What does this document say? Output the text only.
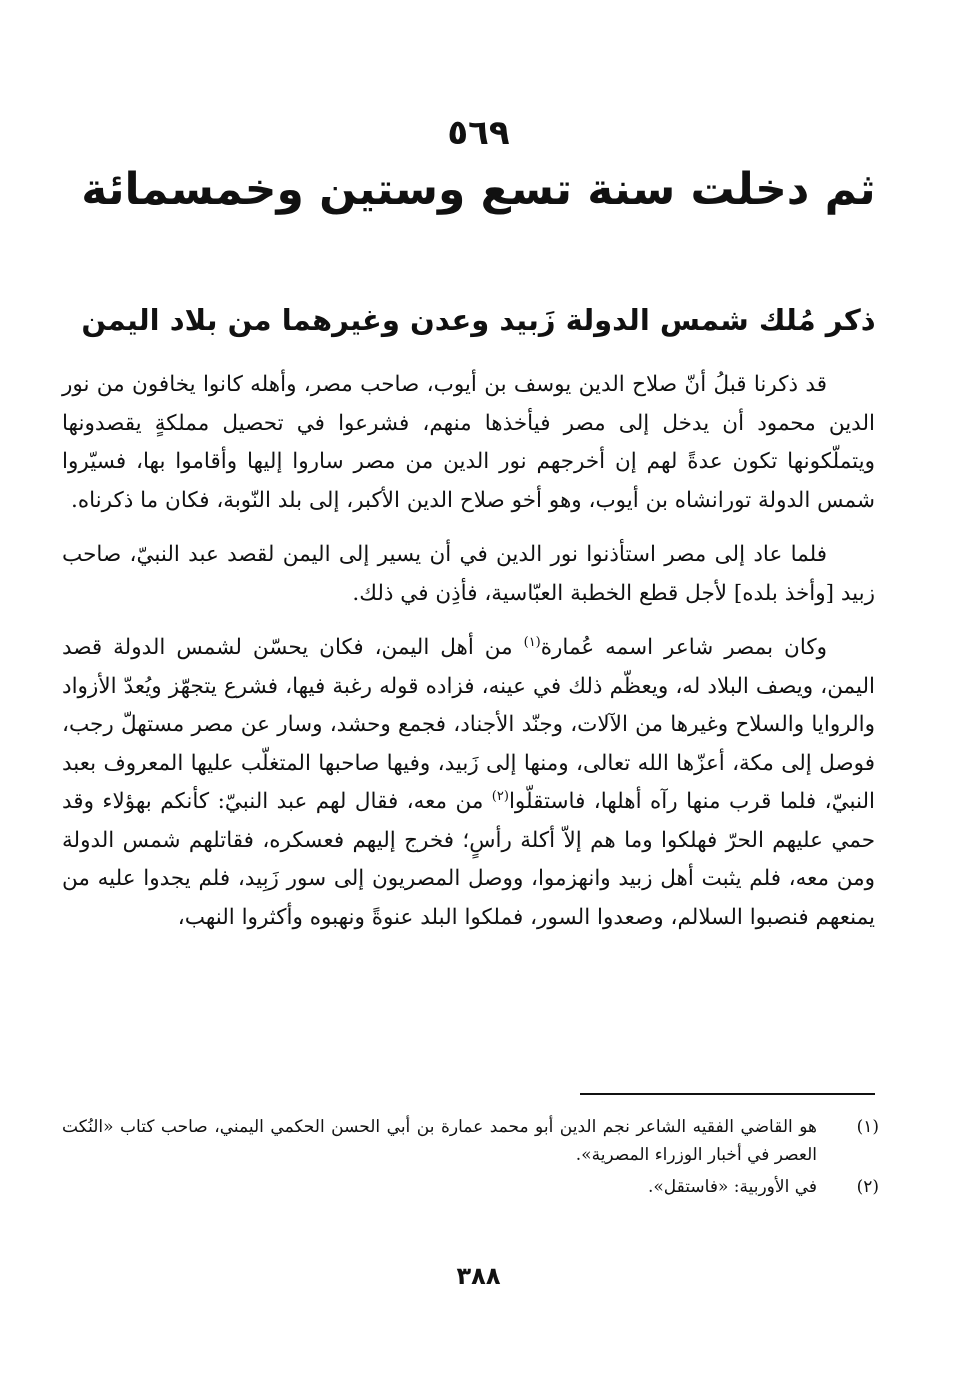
٥٦٩
ثم دخلت سنة تسع وستين وخمسمائة
ذكر مُلك شمس الدولة زَبيد وعدن وغيرهما من بلاد اليمن

قد ذكرنا قبلُ أنّ صلاح الدين يوسف بن أيوب، صاحب مصر، وأهله كانوا يخافون من نور الدين محمود أن يدخل إلى مصر فيأخذها منهم، فشرعوا في تحصيل مملكةٍ يقصدونها ويتملّكونها تكون عدةً لهم إن أخرجهم نور الدين من مصر ساروا إليها وأقاموا بها، فسيّروا شمس الدولة تورانشاه بن أيوب، وهو أخو صلاح الدين الأكبر، إلى بلد النّوبة، فكان ما ذكرناه.

فلما عاد إلى مصر استأذنوا نور الدين في أن يسير إلى اليمن لقصد عبد النبيّ، صاحب زبيد [وأخذ بلده] لأجل قطع الخطبة العبّاسية، فأذِن في ذلك.

وكان بمصر شاعر اسمه عُمارة$^{(١)}$ من أهل اليمن، فكان يحسّن لشمس الدولة قصد اليمن، ويصف البلاد له، ويعظّم ذلك في عينه، فزاده قوله رغبة فيها، فشرع يتجهّز ويُعدّ الأزواد والروايا والسلاح وغيرها من الآلات، وجنّد الأجناد، فجمع وحشد، وسار عن مصر مستهلّ رجب، فوصل إلى مكة، أعزّها الله تعالى، ومنها إلى زَبيد، وفيها صاحبها المتغلّب عليها المعروف بعبد النبيّ، فلما قرب منها رآه أهلها، فاستقلّوا$^{(٢)}$ من معه، فقال لهم عبد النبيّ: كأنكم بهؤلاء وقد حمي عليهم الحرّ فهلكوا وما هم إلاّ أكلة رأسٍ؛ فخرج إليهم فعسكره، فقاتلهم شمس الدولة ومن معه، فلم يثبت أهل زبيد وانهزموا، ووصل المصريون إلى سور زَبِيد، فلم يجدوا عليه من يمنعهم فنصبوا السلالم، وصعدوا السور، فملكوا البلد عنوةً ونهبوه وأكثروا النهب،

(١)
هو القاضي الفقيه الشاعر نجم الدين أبو محمد عمارة بن أبي الحسن الحكمي اليمني، صاحب كتاب «النُكت العصر في أخبار الوزراء المصرية».
(٢)
في الأوربية: «فاستقل».
٣٨٨
